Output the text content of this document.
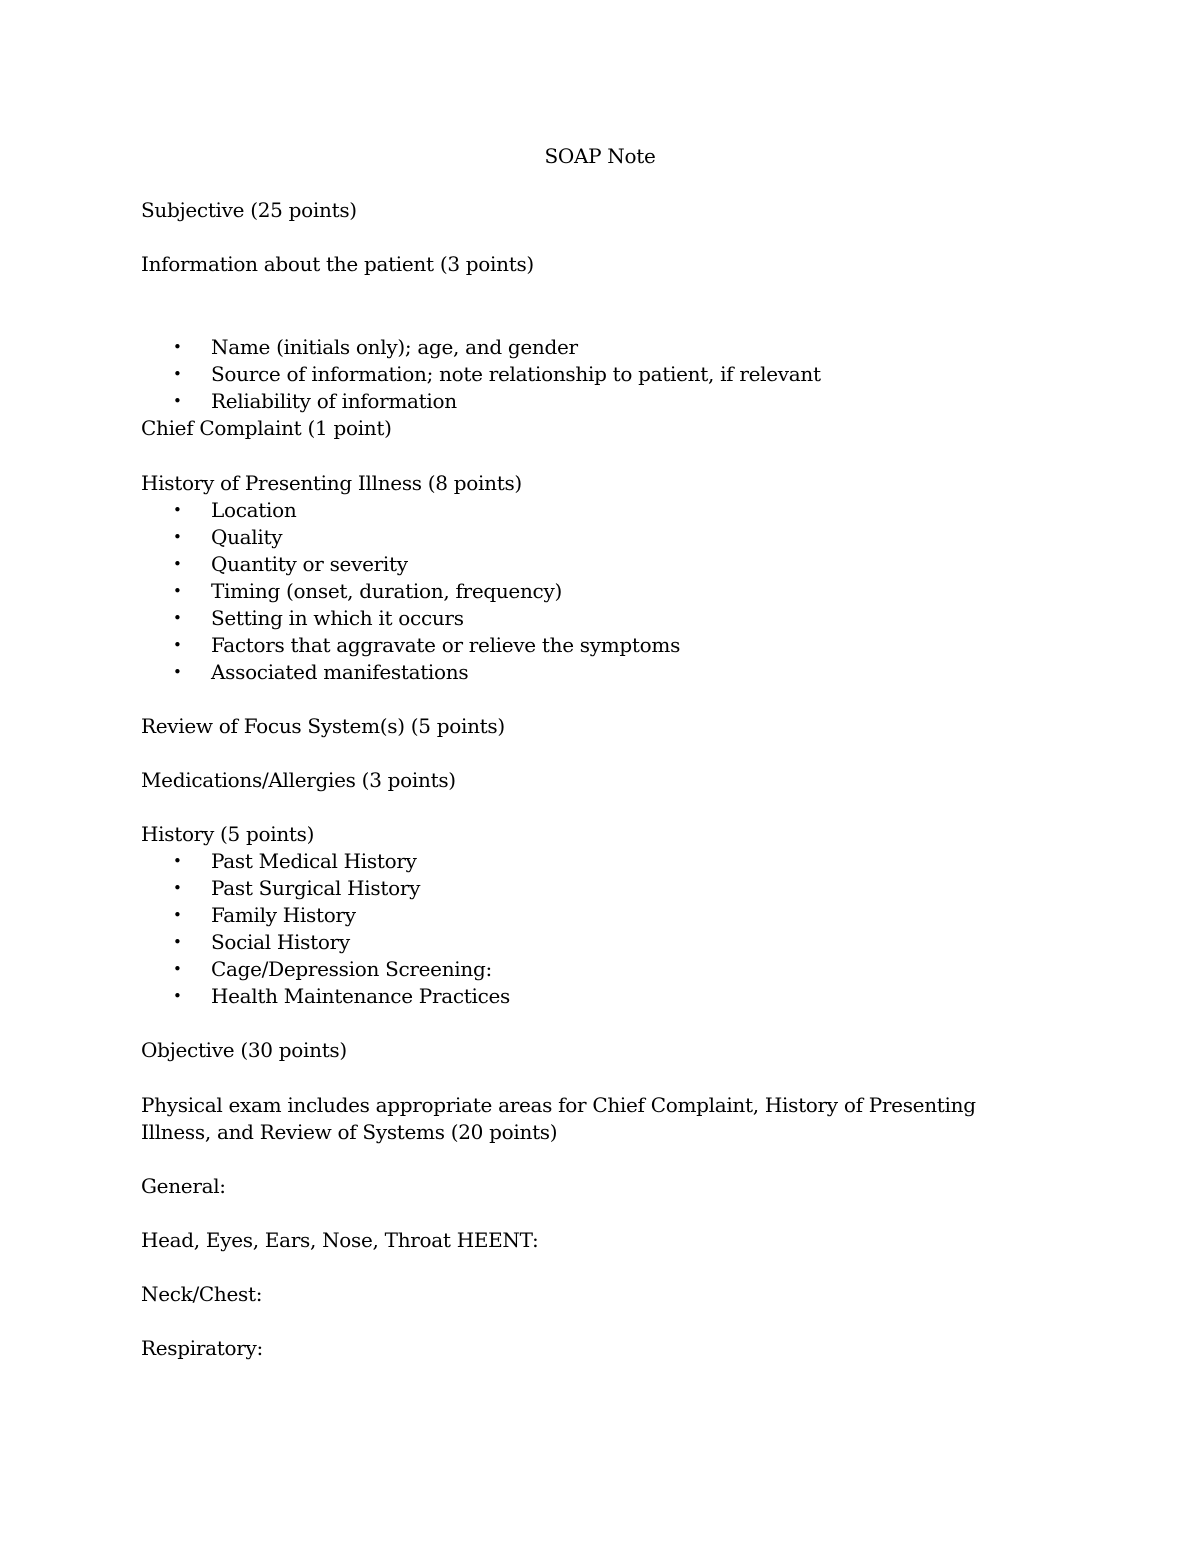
SOAP Note
Subjective (25 points)
Information about the patient (3 points)
• Name (initials only); age, and gender
• Source of information; note relationship to patient, if relevant
• Reliability of information
Chief Complaint (1 point)
History of Presenting Illness (8 points)
• Location
• Quality
• Quantity or severity
• Timing (onset, duration, frequency)
• Setting in which it occurs
• Factors that aggravate or relieve the symptoms
• Associated manifestations
Review of Focus System(s) (5 points)
Medications/Allergies (3 points)
History (5 points)
• Past Medical History
• Past Surgical History
• Family History
• Social History
• Cage/Depression Screening:
• Health Maintenance Practices
Objective (30 points)
Physical exam includes appropriate areas for Chief Complaint, History of Presenting
Illness, and Review of Systems (20 points)
General:
Head, Eyes, Ears, Nose, Throat HEENT:
Neck/Chest:
Respiratory:
